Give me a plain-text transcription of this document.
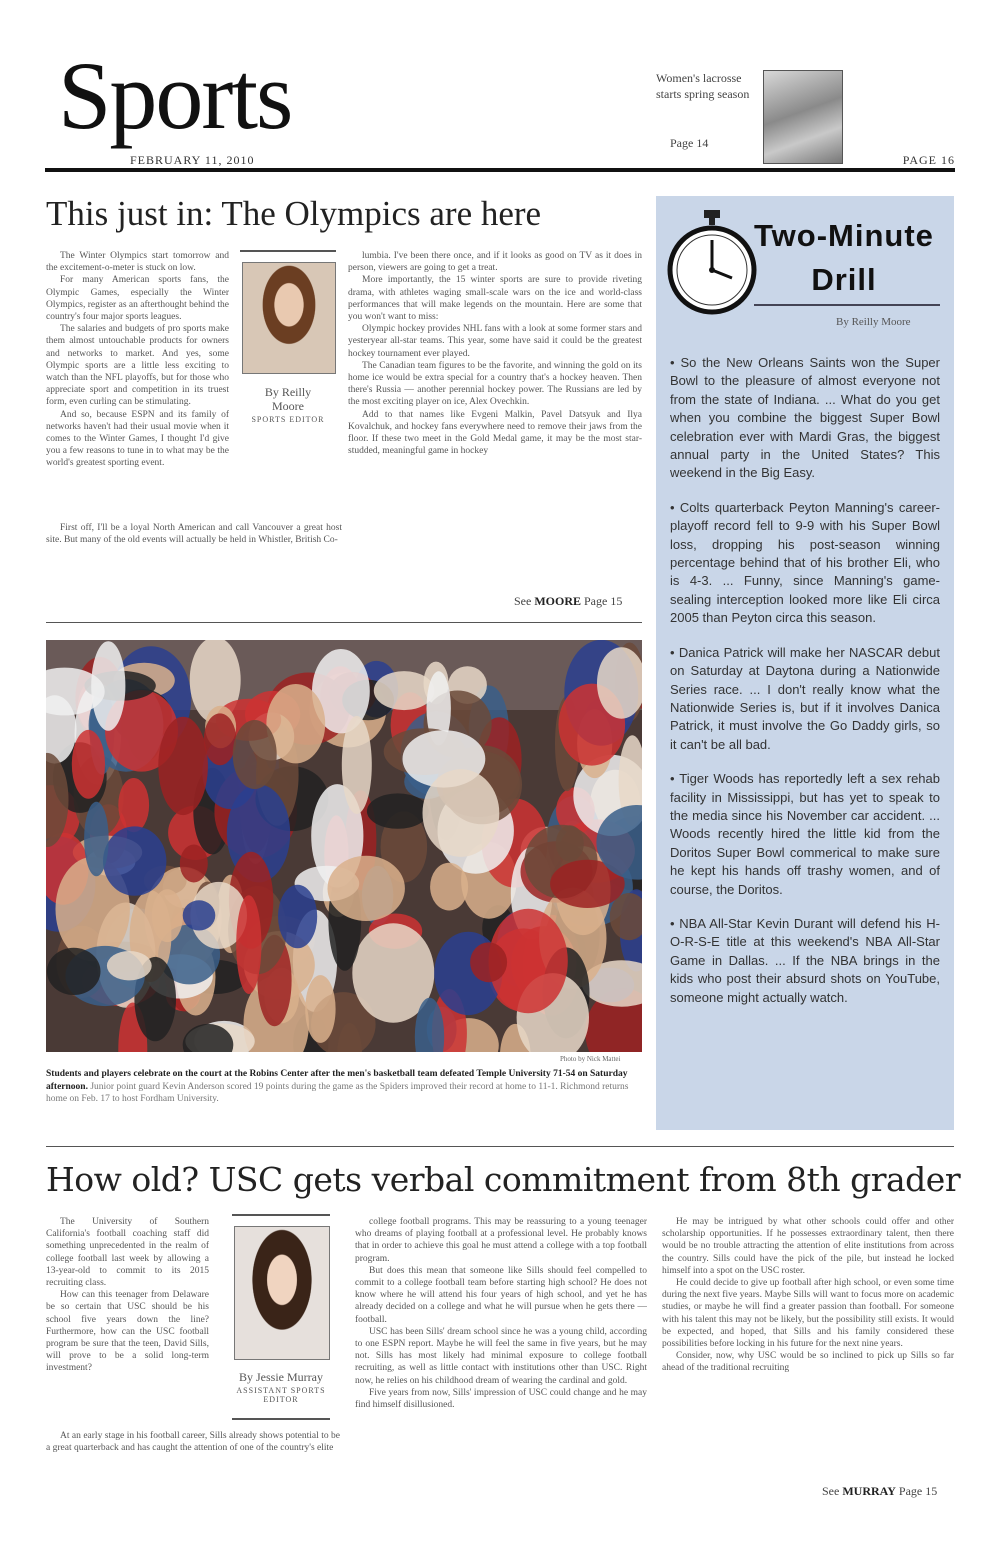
Sports
FEBRUARY 11, 2010	PAGE 16
Women's lacrosse starts spring season
Page 14
This just in: The Olympics are here

The Winter Olympics start tomorrow and the excitement-o-meter is stuck on low.

For many American sports fans, the Olympic Games, especially the Winter Olympics, register as an afterthought behind the country's four major sports leagues.

The salaries and budgets of pro sports make them almost untouchable products for owners and networks to market. And yes, some Olympic sports are a little less exciting to watch than the NFL playoffs, but for those who appreciate sport and competition in its truest form, even curling can be stimulating.

And so, because ESPN and its family of networks haven't had their usual movie when it comes to the Winter Games, I thought I'd give you a few reasons to tune in to what may be the world's greatest sporting event.

By Reilly
Moore
SPORTS EDITOR

First off, I'll be a loyal North American and call Vancouver a great host site. But many of the old events will actually be held in Whistler, British Co-

lumbia. I've been there once, and if it looks as good on TV as it does in person, viewers are going to get a treat.

More importantly, the 15 winter sports are sure to provide riveting drama, with athletes waging small-scale wars on the ice and world-class performances that will make legends on the mountain. Here are some that you won't want to miss:

Olympic hockey provides NHL fans with a look at some former stars and yesteryear all-star teams. This year, some have said it could be the greatest hockey tournament ever played.

The Canadian team figures to be the favorite, and winning the gold on its home ice would be extra special for a country that's a hockey heaven. Then there's Russia — another perennial hockey power. The Russians are led by the most exciting player on ice, Alex Ovechkin.

Add to that names like Evgeni Malkin, Pavel Datsyuk and Ilya Kovalchuk, and hockey fans everywhere need to remove their jaws from the floor. If these two meet in the Gold Medal game, it may be the most star-studded, meaningful game in hockey

See MOORE Page 15
Photo by Nick Mattei
Students and players celebrate on the court at the Robins Center after the men's basketball team defeated Temple University 71-54 on Saturday afternoon. Junior point guard Kevin Anderson scored 19 points during the game as the Spiders improved their record at home to 11-1. Richmond returns home on Feb. 17 to host Fordham University.
Two-Minute
Drill
By Reilly Moore
• So the New Orleans Saints won the Super Bowl to the pleasure of almost everyone not from the state of Indiana. ... What do you get when you combine the biggest Super Bowl celebration ever with Mardi Gras, the biggest annual party in the United States? This weekend in the Big Easy.
• Colts quarterback Peyton Manning's career-playoff record fell to 9-9 with his Super Bowl loss, dropping his post-season winning percentage behind that of his brother Eli, who is 4-3. ... Funny, since Manning's game-sealing interception looked more like Eli circa 2005 than Peyton circa this season.
• Danica Patrick will make her NASCAR debut on Saturday at Daytona during a Nationwide Series race. ... I don't really know what the Nationwide Series is, but if it involves Danica Patrick, it must involve the Go Daddy girls, so it can't be all bad.
• Tiger Woods has reportedly left a sex rehab facility in Mississippi, but has yet to speak to the media since his November car accident. ... Woods recently hired the little kid from the Doritos Super Bowl commerical to make sure he kept his hands off trashy women, and of course, the Doritos.
• NBA All-Star Kevin Durant will defend his H-O-R-S-E title at this weekend's NBA All-Star Game in Dallas. ... If the NBA brings in the kids who post their absurd shots on YouTube, someone might actually watch.
How old? USC gets verbal commitment from 8th grader

The University of Southern California's football coaching staff did something unprecedented in the realm of college football last week by allowing a 13-year-old to commit to its 2015 recruiting class.

How can this teenager from Delaware be so certain that USC should be his school five years down the line? Furthermore, how can the USC football program be sure that the teen, David Sills, will prove to be a solid long-term investment?

By Jessie Murray
ASSISTANT SPORTS EDITOR

At an early stage in his football career, Sills already shows potential to be a great quarterback and has caught the attention of one of the country's elite

college football programs. This may be reassuring to a young teenager who dreams of playing football at a professional level. He probably knows that in order to achieve this goal he must attend a college with a top football program.

But does this mean that someone like Sills should feel compelled to commit to a college football team before starting high school? He does not know where he will attend his four years of high school, and yet he has already decided on a college and what he will pursue when he gets there — football.

USC has been Sills' dream school since he was a young child, according to one ESPN report. Maybe he will feel the same in five years, but he may not. Sills has most likely had minimal exposure to college football recruiting, as well as little contact with institutions other than USC. Right now, he relies on his childhood dream of wearing the cardinal and gold.

Five years from now, Sills' impression of USC could change and he may find himself disillusioned.

He may be intrigued by what other schools could offer and other scholarship opportunities. If he possesses extraordinary talent, then there would be no trouble attracting the attention of elite institutions from across the country. Sills could have the pick of the pile, but instead he locked himself into a spot on the USC roster.

He could decide to give up football after high school, or even some time during the next five years. Maybe Sills will want to focus more on academic studies, or maybe he will find a greater passion than football. For someone with his talent this may not be likely, but the possibility still exists. It would be expected, and hoped, that Sills and his family considered these possibilities before locking in his future for the next nine years.

Consider, now, why USC would be so inclined to pick up Sills so far ahead of the traditional recruiting

See MURRAY Page 15
